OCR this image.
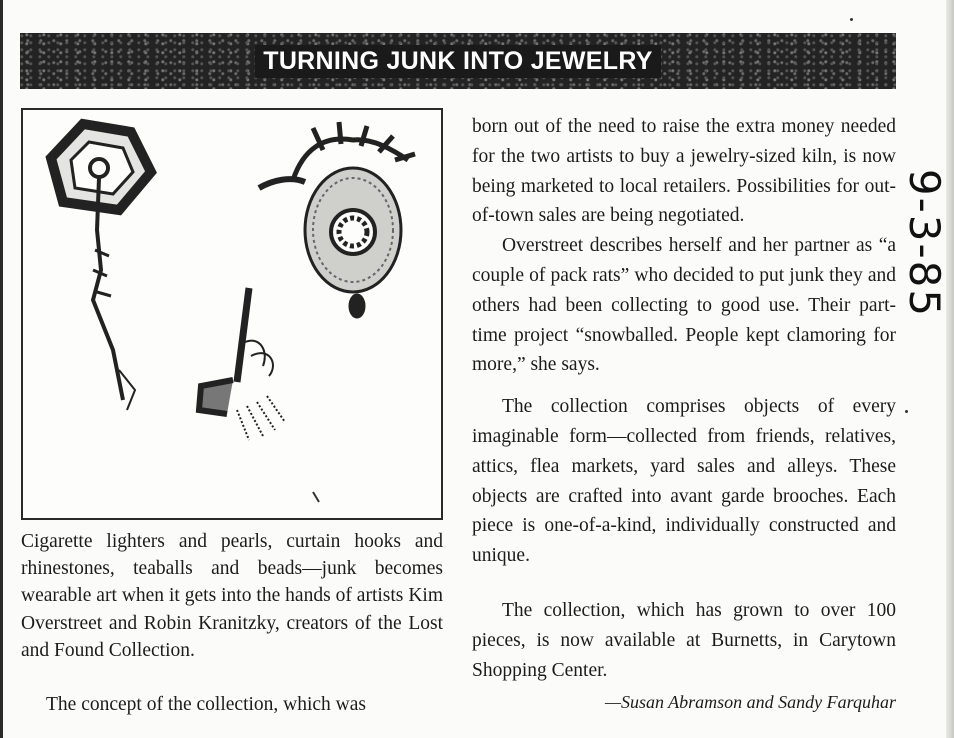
TURNING JUNK INTO JEWELRY

Cigarette lighters and pearls, curtain hooks and rhinestones, teaballs and beads—junk becomes wearable art when it gets into the hands of artists Kim Overstreet and Robin Kranitzky, creators of the Lost and Found Collection.

The concept of the collection, which was

born out of the need to raise the extra money needed for the two artists to buy a jewelry-sized kiln, is now being marketed to local retailers. Possibilities for out-of-town sales are being negotiated.

Overstreet describes herself and her partner as “a couple of pack rats” who decided to put junk they and others had been collecting to good use. Their part-time project “snowballed. People kept clamoring for more,” she says.

The collection comprises objects of every imaginable form—collected from friends, relatives, attics, flea markets, yard sales and alleys. These objects are crafted into avant garde brooches. Each piece is one-of-a-kind, individually constructed and unique.

The collection, which has grown to over 100 pieces, is now available at Burnetts, in Carytown Shopping Center.

—Susan Abramson and Sandy Farquhar

9-3-85
